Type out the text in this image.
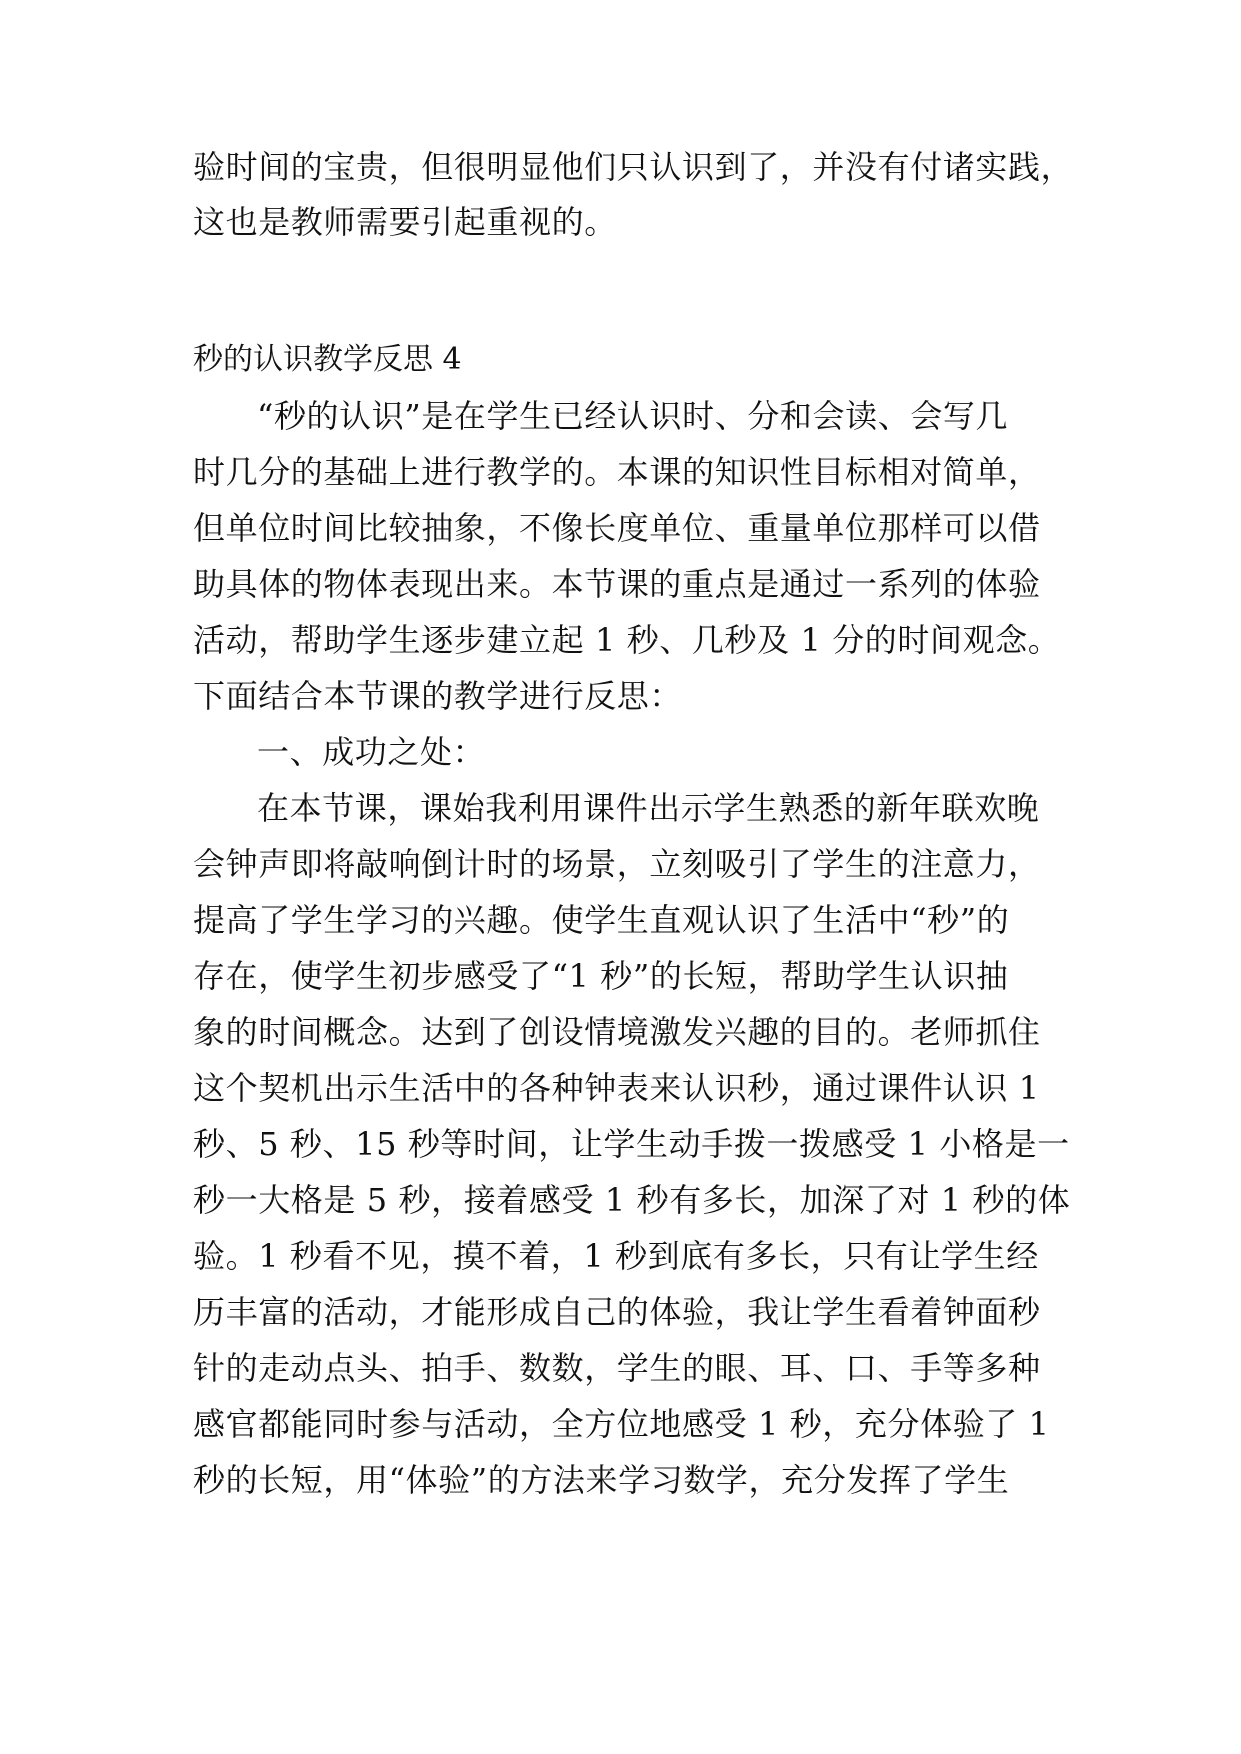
验时间的宝贵，但很明显他们只认识到了，并没有付诸实践，
这也是教师需要引起重视的。
秒的认识教学反思 4
“秒的认识”是在学生已经认识时、分和会读、会写几
时几分的基础上进行教学的。本课的知识性目标相对简单，
但单位时间比较抽象，不像长度单位、重量单位那样可以借
助具体的物体表现出来。本节课的重点是通过一系列的体验
活动，帮助学生逐步建立起 1 秒、几秒及 1 分的时间观念。
下面结合本节课的教学进行反思：
一、成功之处：
在本节课，课始我利用课件出示学生熟悉的新年联欢晚
会钟声即将敲响倒计时的场景，立刻吸引了学生的注意力，
提高了学生学习的兴趣。使学生直观认识了生活中“秒”的
存在，使学生初步感受了“1 秒”的长短，帮助学生认识抽
象的时间概念。达到了创设情境激发兴趣的目的。老师抓住
这个契机出示生活中的各种钟表来认识秒，通过课件认识 1
秒、5 秒、15 秒等时间，让学生动手拨一拨感受 1 小格是一
秒一大格是 5 秒，接着感受 1 秒有多长，加深了对 1 秒的体
验。1 秒看不见，摸不着，1 秒到底有多长，只有让学生经
历丰富的活动，才能形成自己的体验，我让学生看着钟面秒
针的走动点头、拍手、数数，学生的眼、耳、口、手等多种
感官都能同时参与活动，全方位地感受 1 秒，充分体验了 1
秒的长短，用“体验”的方法来学习数学，充分发挥了学生
